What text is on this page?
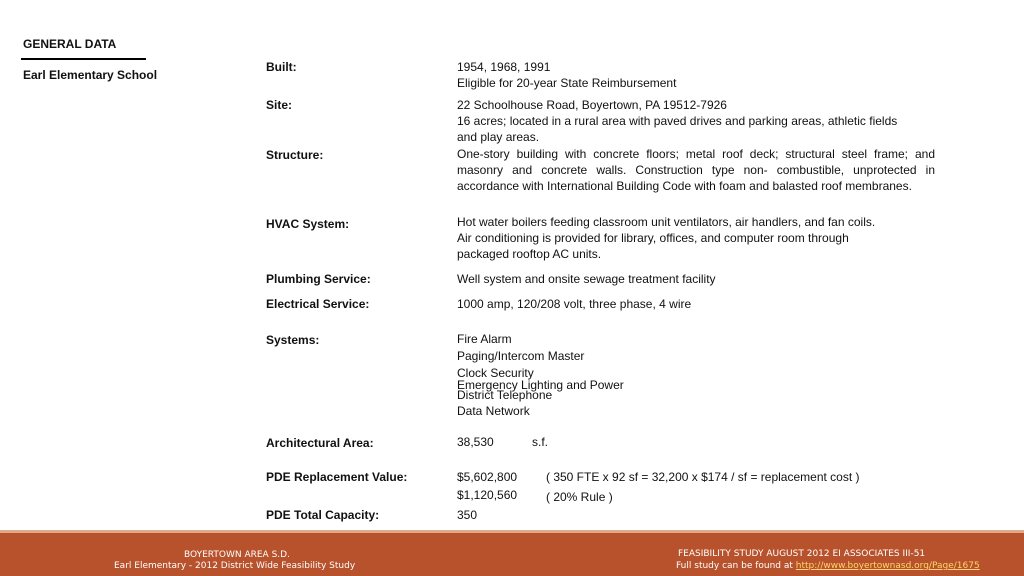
GENERAL DATA
Earl Elementary School
Built:	1954, 1968, 1991
Eligible for 20-year State Reimbursement
Site:	22 Schoolhouse Road, Boyertown, PA 19512-7926
16 acres; located in a rural area with paved drives and parking areas, athletic fields
and play areas.
Structure:	One-story building with concrete floors; metal roof deck; structural steel frame; and masonry and concrete walls. Construction type non- combustible, unprotected in accordance with International Building Code with foam and balasted roof membranes.
HVAC System:	Hot water boilers feeding classroom unit ventilators, air handlers, and fan coils.
Air conditioning is provided for library, offices, and computer room through
packaged rooftop AC units.
Plumbing Service:	Well system and onsite sewage treatment facility
Electrical Service:	1000 amp, 120/208 volt, three phase, 4 wire
Systems:	Fire Alarm
Paging/Intercom Master
Clock Security
Emergency Lighting and Power
District Telephone
Data Network
Architectural Area:	38,530	s.f.
PDE Replacement Value:	$5,602,800 ( 350 FTE x 92 sf = 32,200 x $174 / sf = replacement cost )
$1,120,560 ( 20% Rule )
PDE Total Capacity:	350
BOYERTOWN AREA S.D.
Earl Elementary - 2012 District Wide Feasibility Study
FEASIBILITY STUDY AUGUST 2012 EI ASSOCIATES III-51
Full study can be found at http://www.boyertownasd.org/Page/1675
